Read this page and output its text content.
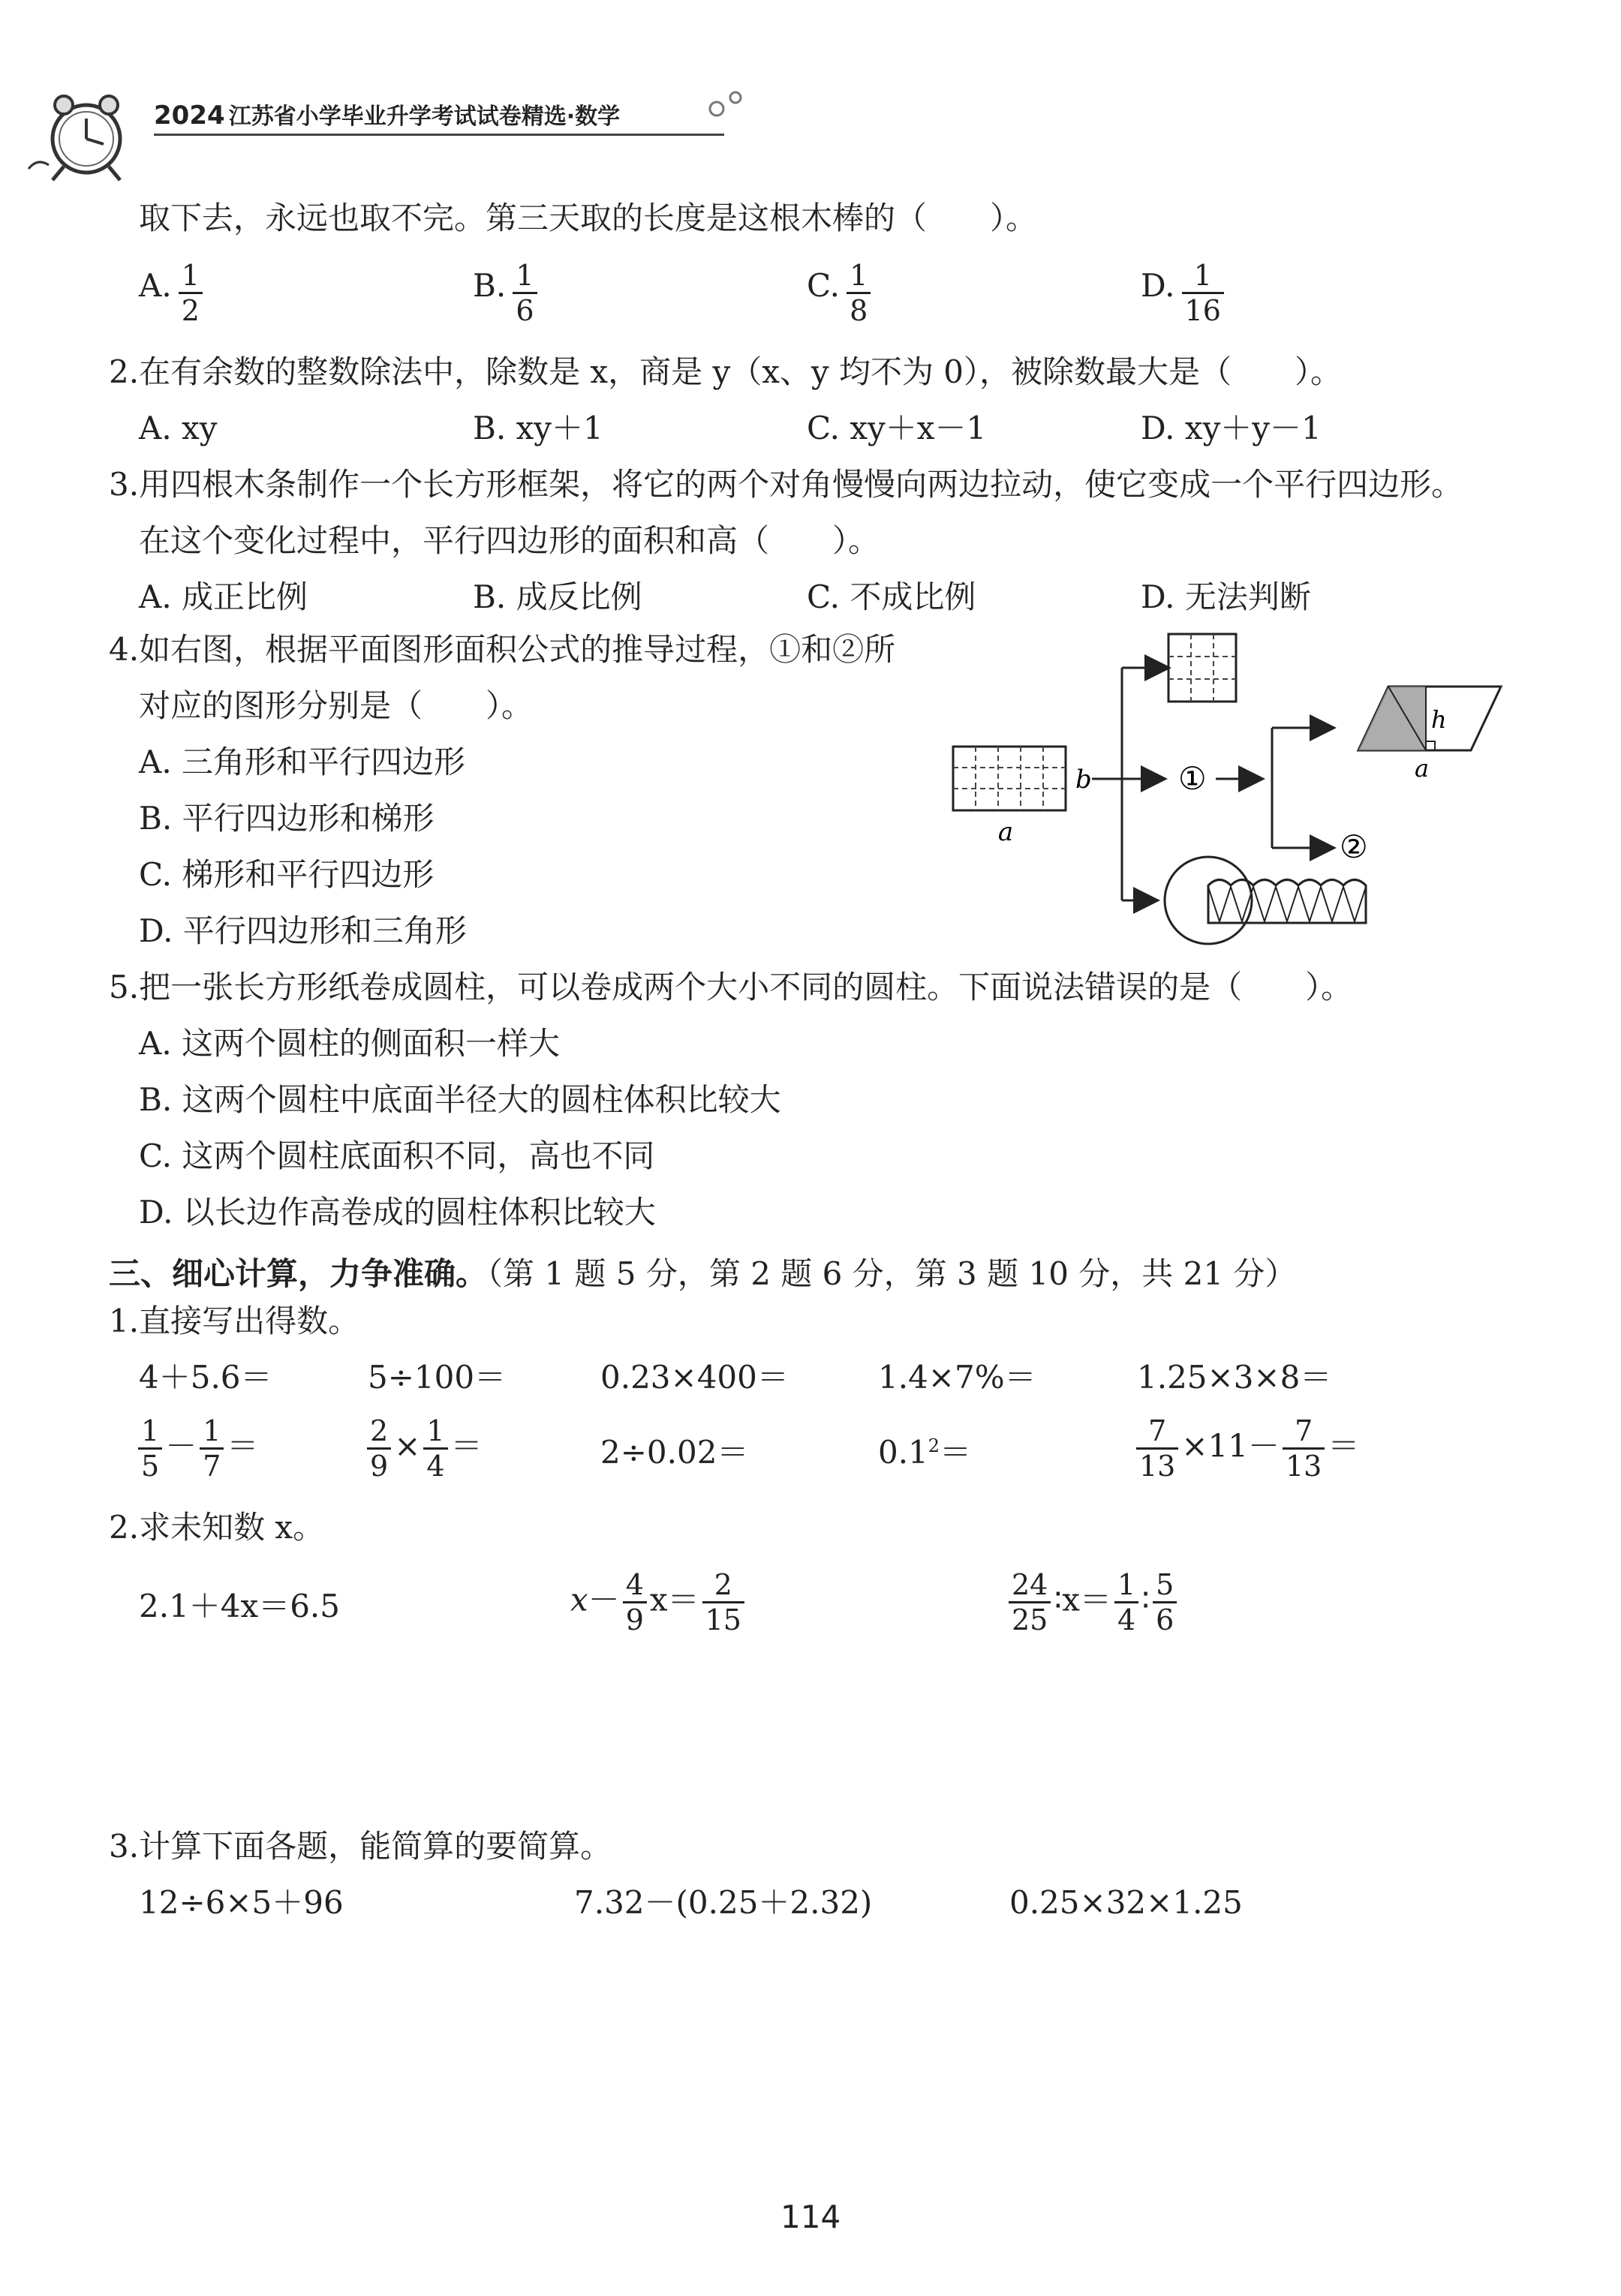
2024 江苏省小学毕业升学考试试卷精选·数学
取下去，永远也取不完。第三天取的长度是这根木棒的（　　）。
A. $\frac{1}{2}$	B. $\frac{1}{6}$	C. $\frac{1}{8}$	D. $\frac{1}{16}$
2.在有余数的整数除法中，除数是 x，商是 y（x、y 均不为 0），被除数最大是（　　）。
A. xy	B. xy＋1	C. xy＋x－1	D. xy＋y－1
3.用四根木条制作一个长方形框架，将它的两个对角慢慢向两边拉动，使它变成一个平行四边形。
在这个变化过程中，平行四边形的面积和高（　　）。
A. 成正比例	B. 成反比例	C. 不成比例	D. 无法判断
4.如右图，根据平面图形面积公式的推导过程，①和②所
对应的图形分别是（　　）。
A. 三角形和平行四边形
B. 平行四边形和梯形
C. 梯形和平行四边形
D. 平行四边形和三角形
a
b	①
②
h
a
5.把一张长方形纸卷成圆柱，可以卷成两个大小不同的圆柱。下面说法错误的是（　　）。
A. 这两个圆柱的侧面积一样大
B. 这两个圆柱中底面半径大的圆柱体积比较大
C. 这两个圆柱底面积不同，高也不同
D. 以长边作高卷成的圆柱体积比较大
三、细心计算，力争准确。（第 1 题 5 分，第 2 题 6 分，第 3 题 10 分，共 21 分）
1.直接写出得数。
4＋5.6＝	5÷100＝	0.23×400＝	1.4×7%＝	1.25×3×8＝
$\frac{1}{5} - \frac{1}{7}$ ＝	$\frac{2}{9} \times \frac{1}{4}$ ＝	2÷0.02＝	$0.1^2=$	$\frac{7}{13} \times 11- \frac{7}{13}$ ＝
2.求未知数 x。
2.1＋4x＝6.5	$x- \frac{4}{9} x= \frac{2}{15}$	$\frac{24}{25}$ ∶x＝ $\frac{1}{4}$ ∶ $\frac{5}{6}$
3.计算下面各题，能简算的要简算。
12÷6×5＋96	7.32－(0.25＋2.32)	0.25×32×1.25
114
